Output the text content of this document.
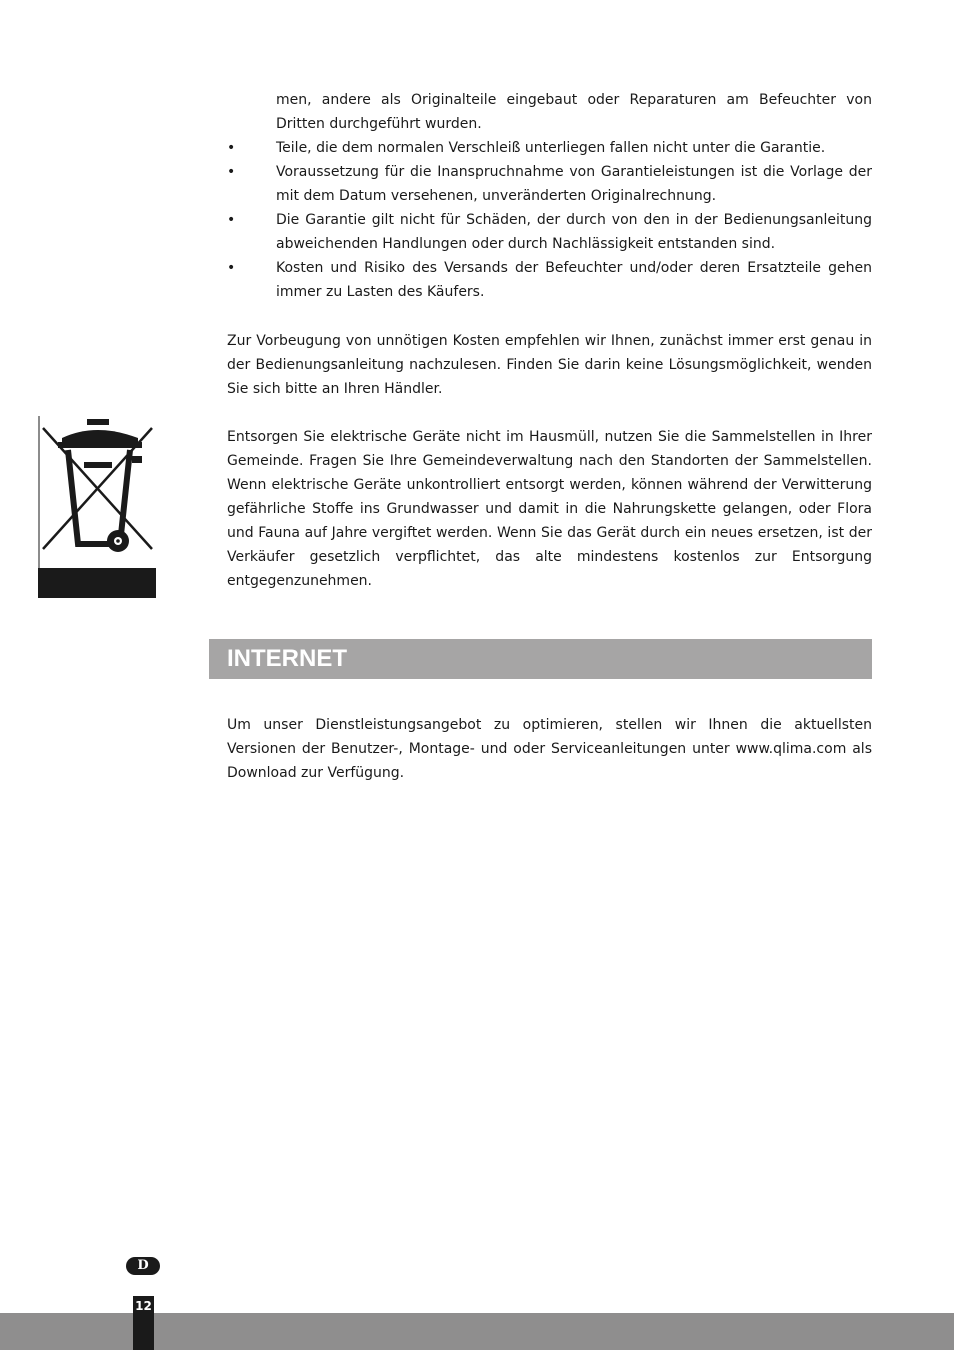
men, andere als Originalteile eingebaut oder Reparaturen am Befeuchter von Dritten durchgeführt wurden.

•	Teile, die dem normalen Verschleiß unterliegen fallen nicht unter die Garantie.
•	Voraussetzung für die Inanspruchnahme von Garantieleistungen ist die Vorlage der mit dem Datum versehenen, unveränderten Originalrechnung.
•	Die Garantie gilt nicht für Schäden, der durch von den in der Bedienungsanleitung abweichenden Handlungen oder durch Nachlässigkeit entstanden sind.
•	Kosten und Risiko des Versands der Befeuchter und/oder deren Ersatzteile gehen immer zu Lasten des Käufers.

Zur Vorbeugung von unnötigen Kosten empfehlen wir Ihnen, zunächst immer erst genau in der Bedienungsanleitung nachzulesen. Finden Sie darin keine Lösungsmöglichkeit, wenden Sie sich bitte an Ihren Händler.

Entsorgen Sie elektrische Geräte nicht im Hausmüll, nutzen Sie die Sammelstellen in Ihrer Gemeinde. Fragen Sie Ihre Gemeindeverwaltung nach den Standorten der Sammelstellen. Wenn elektrische Geräte unkontrolliert entsorgt werden, können während der Verwitterung gefährliche Stoffe ins Grundwasser und damit in die Nahrungskette gelangen, oder Flora und Fauna auf Jahre vergiftet werden. Wenn Sie das Gerät durch ein neues ersetzen, ist der Verkäufer gesetzlich verpflichtet, das alte mindestens kostenlos zur Entsorgung entgegenzunehmen.

INTERNET

Um unser Dienstleistungsangebot zu optimieren, stellen wir Ihnen die aktuellsten Versionen der Benutzer-, Montage- und oder Serviceanleitungen unter www.qlima.com als Download zur Verfügung.

D
12
